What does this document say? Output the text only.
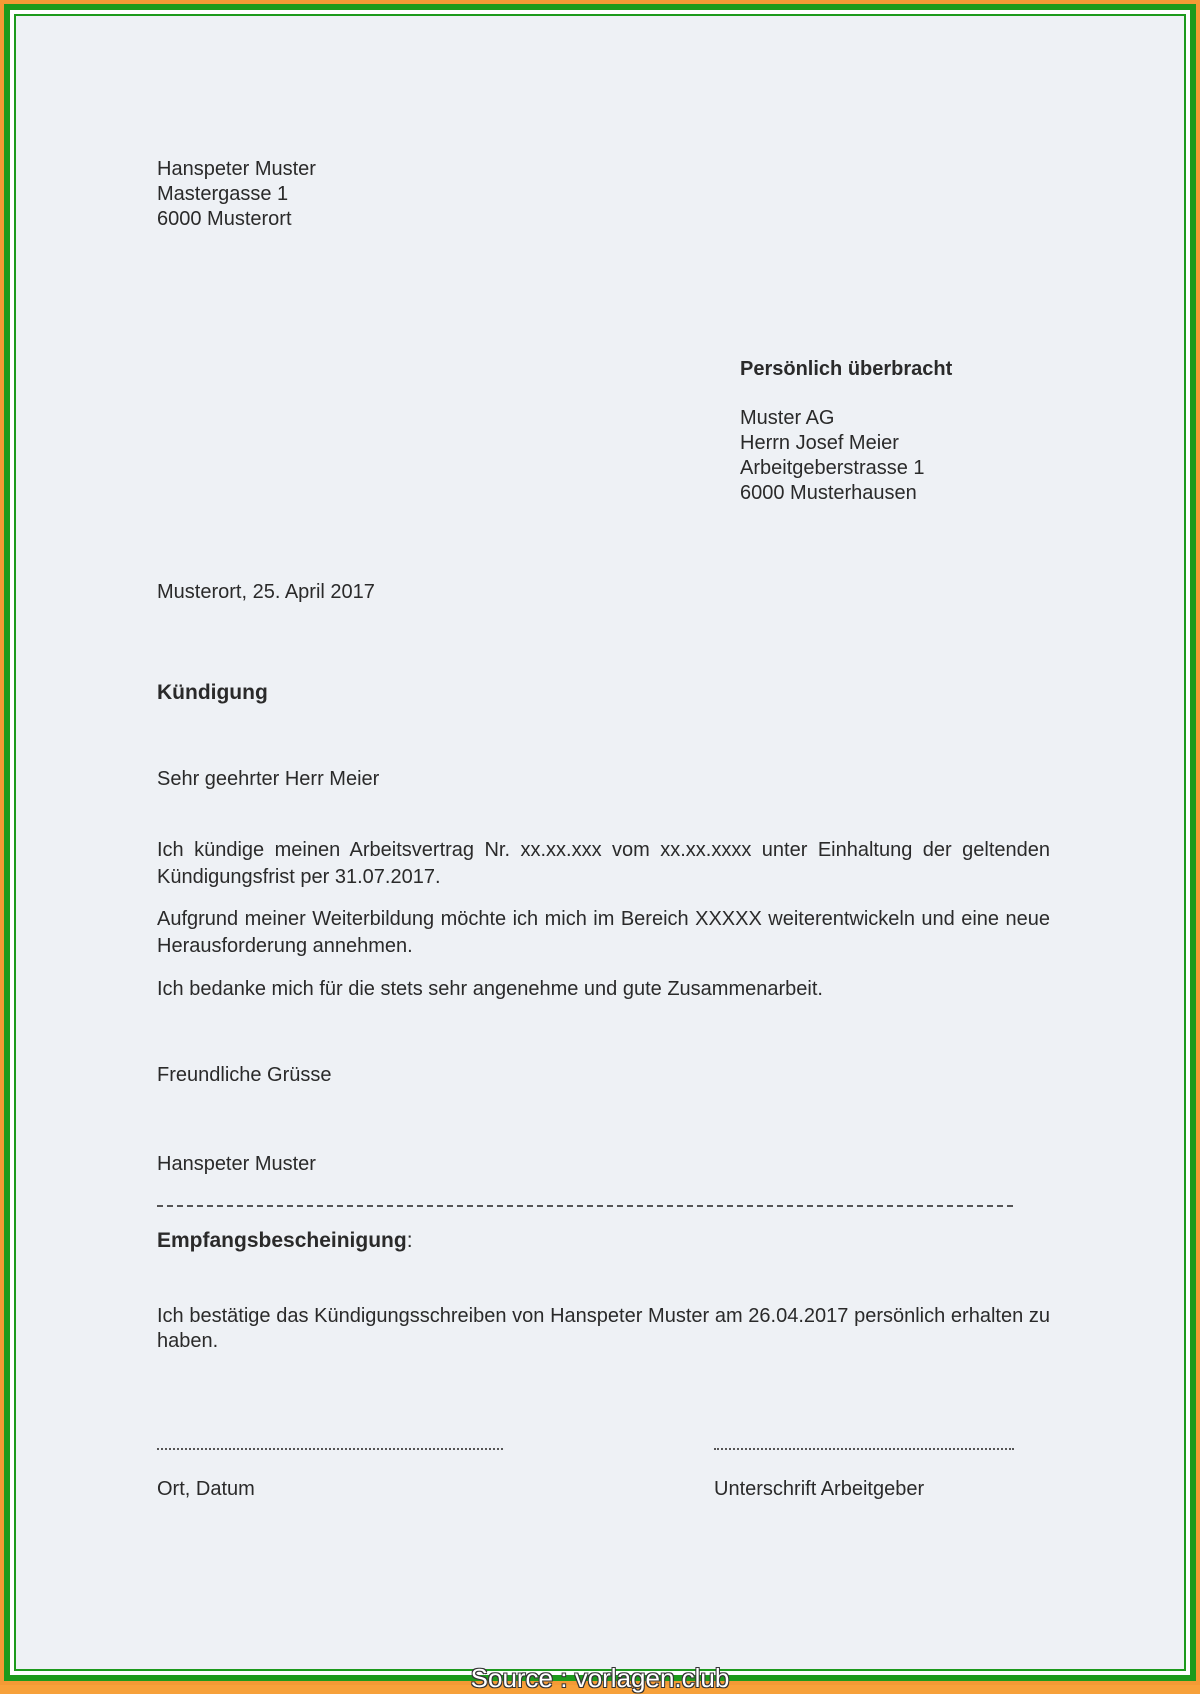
Hanspeter Muster
Mastergasse 1
6000 Musterort
Persönlich überbracht
Muster AG
Herrn Josef Meier
Arbeitgeberstrasse 1
6000 Musterhausen
Musterort, 25. April 2017
Kündigung
Sehr geehrter Herr Meier
Ich kündige meinen Arbeitsvertrag Nr. xx.xx.xxx vom xx.xx.xxxx unter Einhaltung der geltenden Kündigungsfrist per 31.07.2017.
Aufgrund meiner Weiterbildung möchte ich mich im Bereich XXXXX weiterentwickeln und eine neue Herausforderung annehmen.
Ich bedanke mich für die stets sehr angenehme und gute Zusammenarbeit.
Freundliche Grüsse
Hanspeter Muster
Empfangsbescheinigung:
Ich bestätige das Kündigungsschreiben von Hanspeter Muster am 26.04.2017 persönlich erhalten zu haben.
Ort, Datum	Unterschrift Arbeitgeber
Source : vorlagen.club
